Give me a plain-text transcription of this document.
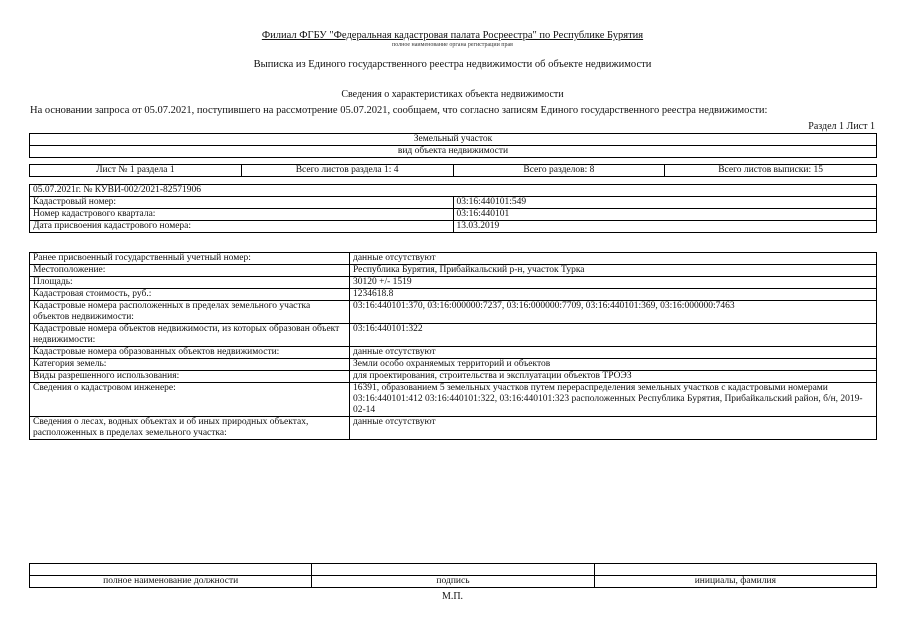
Филиал ФГБУ "Федеральная кадастровая палата Росреестра" по Республике Бурятия
полное наименование органа регистрации прав
Выписка из Единого государственного реестра недвижимости об объекте недвижимости
Сведения о характеристиках объекта недвижимости
На основании запроса от 05.07.2021, поступившего на рассмотрение 05.07.2021, сообщаем, что согласно записям Единого государственного реестра недвижимости:
Раздел 1 Лист 1
Земельный участок
вид объекта недвижимости
Лист № 1 раздела 1	Всего листов раздела 1: 4	Всего разделов: 8	Всего листов выписки: 15
05.07.2021г. № КУВИ-002/2021-82571906	
Кадастровый номер:	03:16:440101:549
Номер кадастрового квартала:	03:16:440101
Дата присвоения кадастрового номера:	13.03.2019
Ранее присвоенный государственный учетный номер:	данные отсутствуют
Местоположение:	Республика Бурятия, Прибайкальский р-н, участок Турка
Площадь:	30120 +/- 1519
Кадастровая стоимость, руб.:	1234618.8
Кадастровые номера расположенных в пределах земельного участка объектов недвижимости:	03:16:440101:370, 03:16:000000:7237, 03:16:000000:7709, 03:16:440101:369, 03:16:000000:7463
Кадастровые номера объектов недвижимости, из которых образован объект недвижимости:	03:16:440101:322
Кадастровые номера образованных объектов недвижимости:	данные отсутствуют
Категория земель:	Земли особо охраняемых территорий и объектов
Виды разрешенного использования:	для проектирования, строительства и эксплуатации объектов ТРОЭЗ
Сведения о кадастровом инженере:	16391, образованием 5 земельных участков путем перераспределения земельных участков с кадастровыми номерами 03:16:440101:412 03:16:440101:322, 03:16:440101:323 расположенных Республика Бурятия, Прибайкальский район, б/н, 2019-02-14
Сведения о лесах, водных объектах и об иных природных объектах, расположенных в пределах земельного участка:	данные отсутствуют

полное наименование должности	подпись	инициалы, фамилия
М.П.
